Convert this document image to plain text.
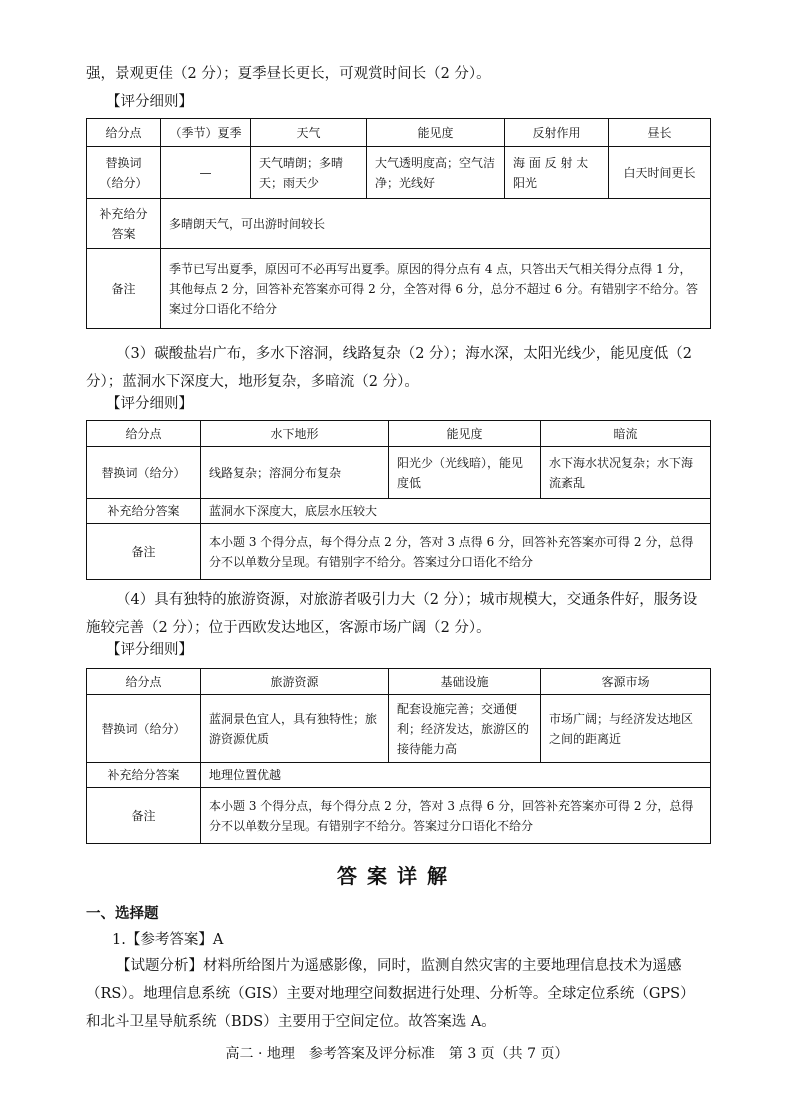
强，景观更佳（2 分）；夏季昼长更长，可观赏时间长（2 分）。

【评分细则】
给分点	（季节）夏季	天气	能见度	反射作用	昼长
替换词
（给分）	—	天气晴朗；多晴天；雨天少	大气透明度高；空气洁净；光线好	海 面 反 射 太阳光	白天时间更长
补充给分
答案	多晴朗天气，可出游时间较长				
备注	季节已写出夏季，原因可不必再写出夏季。原因的得分点有 4 点，只答出天气相关得分点得 1 分，其他每点 2 分，回答补充答案亦可得 2 分，全答对得 6 分，总分不超过 6 分。有错别字不给分。答案过分口语化不给分				

（3）碳酸盐岩广布，多水下溶洞，线路复杂（2 分）；海水深，太阳光线少，能见度低（2 分）；蓝洞水下深度大，地形复杂，多暗流（2 分）。

【评分细则】
给分点	水下地形	能见度	暗流
替换词（给分）	线路复杂；溶洞分布复杂	阳光少（光线暗），能见度低	水下海水状况复杂；水下海流紊乱
补充给分答案	蓝洞水下深度大，底层水压较大		
备注	本小题 3 个得分点，每个得分点 2 分，答对 3 点得 6 分，回答补充答案亦可得 2 分，总得分不以单数分呈现。有错别字不给分。答案过分口语化不给分		

（4）具有独特的旅游资源，对旅游者吸引力大（2 分）；城市规模大，交通条件好，服务设施较完善（2 分）；位于西欧发达地区，客源市场广阔（2 分）。

【评分细则】
给分点	旅游资源	基础设施	客源市场
替换词（给分）	蓝洞景色宜人，具有独特性；旅游资源优质	配套设施完善；交通便利；经济发达，旅游区的接待能力高	市场广阔；与经济发达地区之间的距离近
补充给分答案	地理位置优越		
备注	本小题 3 个得分点，每个得分点 2 分，答对 3 点得 6 分，回答补充答案亦可得 2 分，总得分不以单数分呈现。有错别字不给分。答案过分口语化不给分		
答案详解
一、选择题
1.【参考答案】A

【试题分析】材料所给图片为遥感影像，同时，监测自然灾害的主要地理信息技术为遥感（RS）。地理信息系统（GIS）主要对地理空间数据进行处理、分析等。全球定位系统（GPS）和北斗卫星导航系统（BDS）主要用于空间定位。故答案选 A。

高二 · 地理　参考答案及评分标准　第 3 页（共 7 页）
